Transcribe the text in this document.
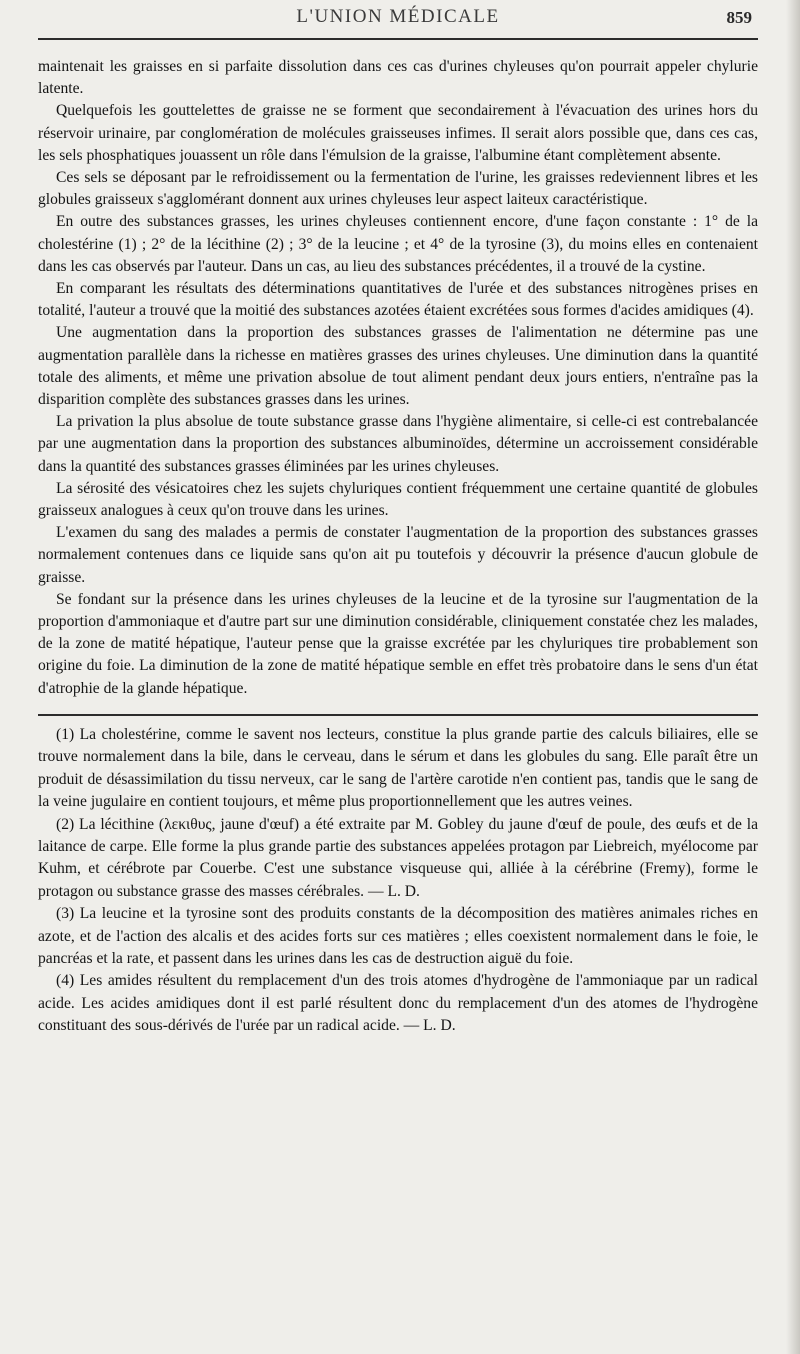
L'UNION MÉDICALE	859

maintenait les graisses en si parfaite dissolution dans ces cas d'urines chyleuses qu'on pourrait appeler chylurie latente.

Quelquefois les gouttelettes de graisse ne se forment que secondairement à l'évacuation des urines hors du réservoir urinaire, par conglomération de molécules graisseuses infimes. Il serait alors possible que, dans ces cas, les sels phosphatiques jouassent un rôle dans l'émulsion de la graisse, l'albumine étant complètement absente.

Ces sels se déposant par le refroidissement ou la fermentation de l'urine, les graisses redeviennent libres et les globules graisseux s'agglomérant donnent aux urines chyleuses leur aspect laiteux caractéristique.

En outre des substances grasses, les urines chyleuses contiennent encore, d'une façon constante : 1° de la cholestérine (1) ; 2° de la lécithine (2) ; 3° de la leucine ; et 4° de la tyrosine (3), du moins elles en contenaient dans les cas observés par l'auteur. Dans un cas, au lieu des substances précédentes, il a trouvé de la cystine.

En comparant les résultats des déterminations quantitatives de l'urée et des substances nitrogènes prises en totalité, l'auteur a trouvé que la moitié des substances azotées étaient excrétées sous formes d'acides amidiques (4).

Une augmentation dans la proportion des substances grasses de l'alimentation ne détermine pas une augmentation parallèle dans la richesse en matières grasses des urines chyleuses. Une diminution dans la quantité totale des aliments, et même une privation absolue de tout aliment pendant deux jours entiers, n'entraîne pas la disparition complète des substances grasses dans les urines.

La privation la plus absolue de toute substance grasse dans l'hygiène alimentaire, si celle-ci est contrebalancée par une augmentation dans la proportion des substances albuminoïdes, détermine un accroissement considérable dans la quantité des substances grasses éliminées par les urines chyleuses.

La sérosité des vésicatoires chez les sujets chyluriques contient fréquemment une certaine quantité de globules graisseux analogues à ceux qu'on trouve dans les urines.

L'examen du sang des malades a permis de constater l'augmentation de la proportion des substances grasses normalement contenues dans ce liquide sans qu'on ait pu toutefois y découvrir la présence d'aucun globule de graisse.

Se fondant sur la présence dans les urines chyleuses de la leucine et de la tyrosine sur l'augmentation de la proportion d'ammoniaque et d'autre part sur une diminution considérable, cliniquement constatée chez les malades, de la zone de matité hépatique, l'auteur pense que la graisse excrétée par les chyluriques tire probablement son origine du foie. La diminution de la zone de matité hépatique semble en effet très probatoire dans le sens d'un état d'atrophie de la glande hépatique.

(1) La cholestérine, comme le savent nos lecteurs, constitue la plus grande partie des calculs biliaires, elle se trouve normalement dans la bile, dans le cerveau, dans le sérum et dans les globules du sang. Elle paraît être un produit de désassimilation du tissu nerveux, car le sang de l'artère carotide n'en contient pas, tandis que le sang de la veine jugulaire en contient toujours, et même plus proportionnellement que les autres veines.

(2) La lécithine (λεκιθυς, jaune d'œuf) a été extraite par M. Gobley du jaune d'œuf de poule, des œufs et de la laitance de carpe. Elle forme la plus grande partie des substances appelées protagon par Liebreich, myélocome par Kuhm, et cérébrote par Couerbe. C'est une substance visqueuse qui, alliée à la cérébrine (Fremy), forme le protagon ou substance grasse des masses cérébrales. — L. D.

(3) La leucine et la tyrosine sont des produits constants de la décomposition des matières animales riches en azote, et de l'action des alcalis et des acides forts sur ces matières ; elles coexistent normalement dans le foie, le pancréas et la rate, et passent dans les urines dans les cas de destruction aiguë du foie.

(4) Les amides résultent du remplacement d'un des trois atomes d'hydrogène de l'ammoniaque par un radical acide. Les acides amidiques dont il est parlé résultent donc du remplacement d'un des atomes de l'hydrogène constituant des sous-dérivés de l'urée par un radical acide. — L. D.
